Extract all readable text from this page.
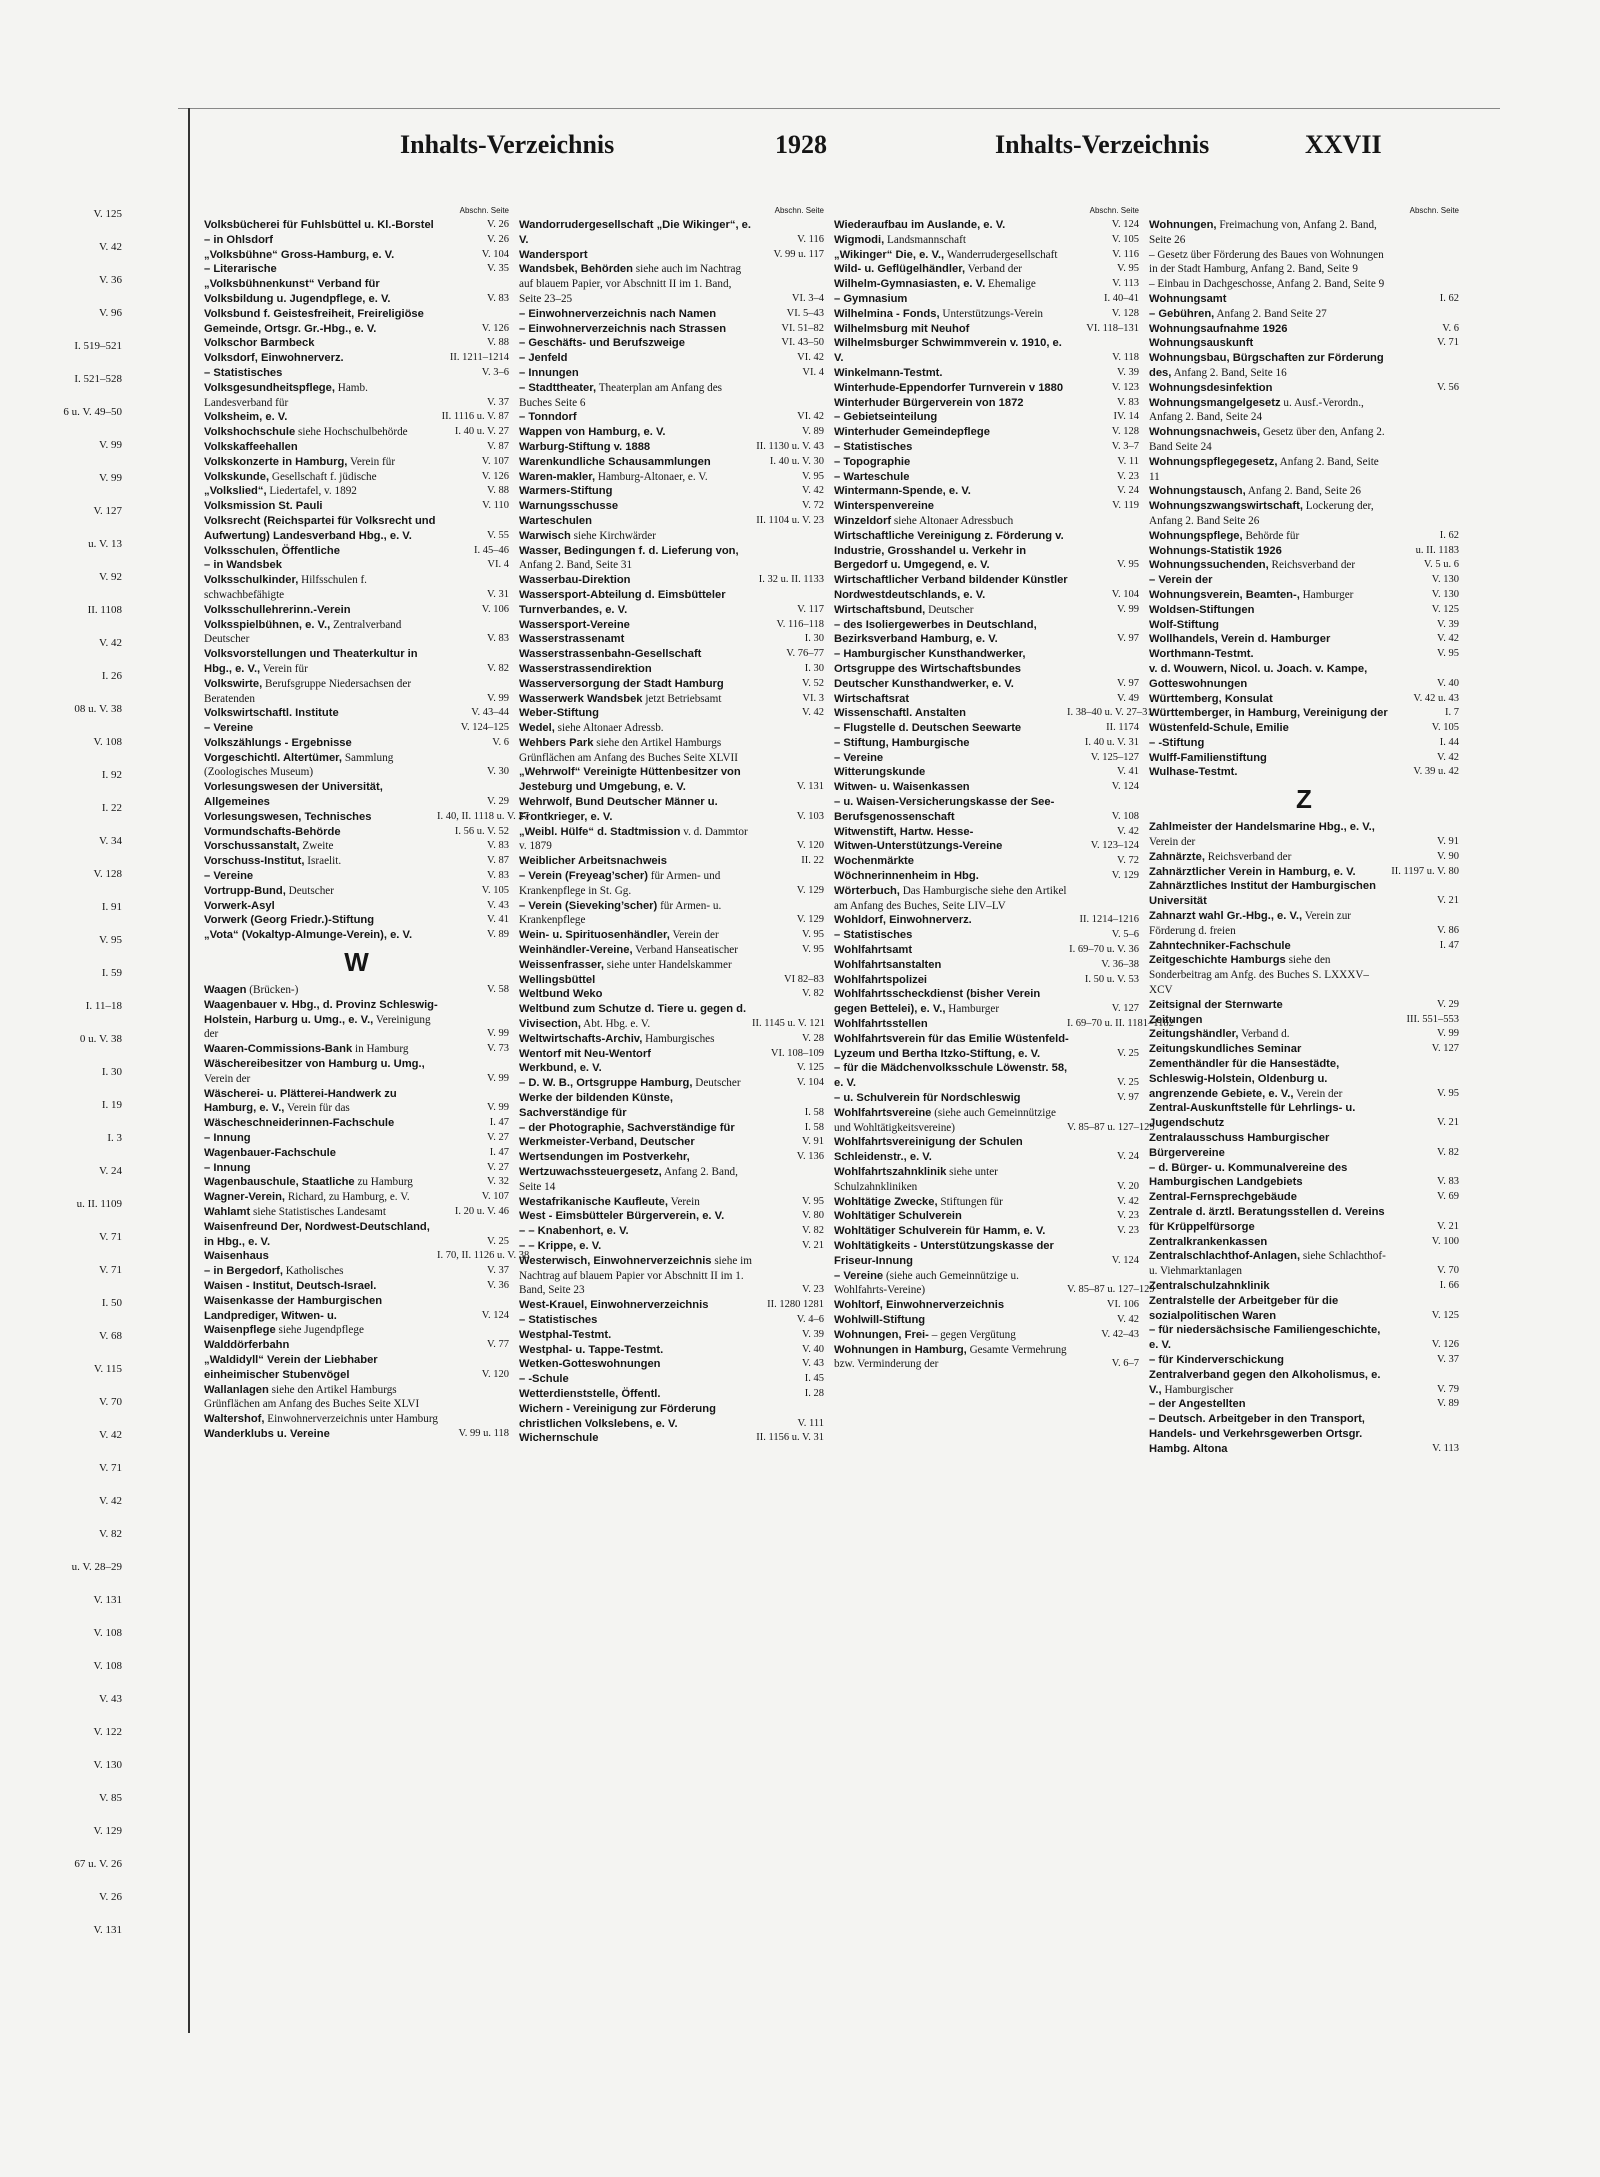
V. 125
V. 42
V. 36
V. 96
I. 519–521
I. 521–528
6 u. V. 49–50
V. 99
V. 99
V. 127
u. V. 13
V. 92
II. 1108
V. 42
I. 26
08 u. V. 38
V. 108
I. 92
I. 22
V. 34
V. 128
I. 91
V. 95
I. 59
I. 11–18
0 u. V. 38
I. 30
I. 19
I. 3
V. 24
u. II. 1109
V. 71
V. 71
I. 50
V. 68
V. 115
V. 70
V. 42
V. 71
V. 42
V. 82
u. V. 28–29
V. 131
V. 108
V. 108
V. 43
V. 122
V. 130
V. 85
V. 129
67 u. V. 26
V. 26
V. 131
Inhalts-Verzeichnis	1928	Inhalts-Verzeichnis	XXVII
Abschn. Seite
Volksbücherei für Fuhlsbüttel u. Kl.-Borstel	V. 26
– in Ohlsdorf	V. 26
„Volksbühne“ Gross-Hamburg, e. V.	V. 104
– Literarische	V. 35
„Volksbühnenkunst“ Verband für Volksbildung u. Jugendpflege, e. V.	V. 83
Volksbund f. Geistesfreiheit, Freireligiöse Gemeinde, Ortsgr. Gr.-Hbg., e. V.	V. 126
Volkschor Barmbeck	V. 88
Volksdorf, Einwohnerverz.	II. 1211–1214
– Statistisches	V. 3–6
Volksgesundheitspflege, Hamb. Landesverband für	V. 37
Volksheim, e. V.	II. 1116 u. V. 87
Volkshochschule siehe Hochschulbehörde	I. 40 u. V. 27
Volkskaffeehallen	V. 87
Volkskonzerte in Hamburg, Verein für	V. 107
Volkskunde, Gesellschaft f. jüdische	V. 126
„Volkslied“, Liedertafel, v. 1892	V. 88
Volksmission St. Pauli	V. 110
Volksrecht (Reichspartei für Volksrecht und Aufwertung) Landesverband Hbg., e. V.	V. 55
Volksschulen, Öffentliche	I. 45–46
– in Wandsbek	VI. 4
Volksschulkinder, Hilfsschulen f. schwachbefähigte	V. 31
Volksschullehrerinn.-Verein	V. 106
Volksspielbühnen, e. V., Zentralverband Deutscher	V. 83
Volksvorstellungen und Theaterkultur in Hbg., e. V., Verein für	V. 82
Volkswirte, Berufsgruppe Niedersachsen der Beratenden	V. 99
Volkswirtschaftl. Institute	V. 43–44
– Vereine	V. 124–125
Volkszählungs - Ergebnisse	V. 6
Vorgeschichtl. Altertümer, Sammlung (Zoologisches Museum)	V. 30
Vorlesungswesen der Universität, Allgemeines	V. 29
Vorlesungswesen, Technisches	I. 40, II. 1118 u. V. 27
Vormundschafts-Behörde	I. 56 u. V. 52
Vorschussanstalt, Zweite	V. 83
Vorschuss-Institut, Israelit.	V. 87
– Vereine	V. 83
Vortrupp-Bund, Deutscher	V. 105
Vorwerk-Asyl	V. 43
Vorwerk (Georg Friedr.)-Stiftung	V. 41
„Vota“ (Vokaltyp-Almunge-Verein), e. V.	V. 89
W
Waagen (Brücken-)	V. 58
Waagenbauer v. Hbg., d. Provinz Schleswig-Holstein, Harburg u. Umg., e. V., Vereinigung der	V. 99
Waaren-Commissions-Bank in Hamburg	V. 73
Wäschereibesitzer von Hamburg u. Umg., Verein der	V. 99
Wäscherei- u. Plätterei-Handwerk zu Hamburg, e. V., Verein für das	V. 99
Wäscheschneiderinnen-Fachschule	I. 47
– Innung	V. 27
Wagenbauer-Fachschule	I. 47
– Innung	V. 27
Wagenbauschule, Staatliche zu Hamburg	V. 32
Wagner-Verein, Richard, zu Hamburg, e. V.	V. 107
Wahlamt siehe Statistisches Landesamt	I. 20 u. V. 46
Waisenfreund Der, Nordwest-Deutschland, in Hbg., e. V.	V. 25
Waisenhaus	I. 70, II. 1126 u. V. 38
– in Bergedorf, Katholisches	V. 37
Waisen - Institut, Deutsch-Israel.	V. 36
Waisenkasse der Hamburgischen Landprediger, Witwen- u.	V. 124
Waisenpflege siehe Jugendpflege
Walddörferbahn	V. 77
„Waldidyll“ Verein der Liebhaber einheimischer Stubenvögel	V. 120
Wallanlagen siehe den Artikel Hamburgs Grünflächen am Anfang des Buches Seite XLVI
Waltershof, Einwohnerverzeichnis unter Hamburg
Wanderklubs u. Vereine	V. 99 u. 118
Abschn. Seite
Wandorrudergesellschaft „Die Wikinger“, e. V.	V. 116
Wandersport	V. 99 u. 117
Wandsbek, Behörden siehe auch im Nachtrag auf blauem Papier, vor Abschnitt II im 1. Band, Seite 23–25	VI. 3–4
– Einwohnerverzeichnis nach Namen	VI. 5–43
– Einwohnerverzeichnis nach Strassen	VI. 51–82
– Geschäfts- und Berufszweige	VI. 43–50
– Jenfeld	VI. 42
– Innungen	VI. 4
– Stadttheater, Theaterplan am Anfang des Buches Seite 6
– Tonndorf	VI. 42
Wappen von Hamburg, e. V.	V. 89
Warburg-Stiftung v. 1888	II. 1130 u. V. 43
Warenkundliche Schausammlungen	I. 40 u. V. 30
Waren-makler, Hamburg-Altonaer, e. V.	V. 95
Warmers-Stiftung	V. 42
Warnungsschusse	V. 72
Warteschulen	II. 1104 u. V. 23
Warwisch siehe Kirchwärder
Wasser, Bedingungen f. d. Lieferung von, Anfang 2. Band, Seite 31
Wasserbau-Direktion	I. 32 u. II. 1133
Wassersport-Abteilung d. Eimsbütteler Turnverbandes, e. V.	V. 117
Wassersport-Vereine	V. 116–118
Wasserstrassenamt	I. 30
Wasserstrassenbahn-Gesellschaft	V. 76–77
Wasserstrassendirektion	I. 30
Wasserversorgung der Stadt Hamburg	V. 52
Wasserwerk Wandsbek jetzt Betriebsamt	VI. 3
Weber-Stiftung	V. 42
Wedel, siehe Altonaer Adressb.
Wehbers Park siehe den Artikel Hamburgs Grünflächen am Anfang des Buches Seite XLVII
„Wehrwolf“ Vereinigte Hüttenbesitzer von Jesteburg und Umgebung, e. V.	V. 131
Wehrwolf, Bund Deutscher Männer u. Frontkrieger, e. V.	V. 103
„Weibl. Hülfe“ d. Stadtmission v. d. Dammtor v. 1879	V. 120
Weiblicher Arbeitsnachweis	II. 22
– Verein (Freyeag’scher) für Armen- und Krankenpflege in St. Gg.	V. 129
– Verein (Sieveking’scher) für Armen- u. Krankenpflege	V. 129
Wein- u. Spirituosenhändler, Verein der	V. 95
Weinhändler-Vereine, Verband Hanseatischer	V. 95
Weissenfrasser, siehe unter Handelskammer
Wellingsbüttel	VI 82–83
Weltbund Weko	V. 82
Weltbund zum Schutze d. Tiere u. gegen d. Vivisection, Abt. Hbg. e. V.	II. 1145 u. V. 121
Weltwirtschafts-Archiv, Hamburgisches	V. 28
Wentorf mit Neu-Wentorf	VI. 108–109
Werkbund, e. V.	V. 125
– D. W. B., Ortsgruppe Hamburg, Deutscher	V. 104
Werke der bildenden Künste, Sachverständige für	I. 58
– der Photographie, Sachverständige für	I. 58
Werkmeister-Verband, Deutscher	V. 91
Wertsendungen im Postverkehr,	V. 136
Wertzuwachssteuergesetz, Anfang 2. Band, Seite 14
Westafrikanische Kaufleute, Verein	V. 95
West - Eimsbütteler Bürgerverein, e. V.	V. 80
– – Knabenhort, e. V.	V. 82
– – Krippe, e. V.	V. 21
Westerwisch, Einwohnerverzeichnis siehe im Nachtrag auf blauem Papier vor Abschnitt II im 1. Band, Seite 23	V. 23
West-Krauel, Einwohnerverzeichnis	II. 1280 1281
– Statistisches	V. 4–6
Westphal-Testmt.	V. 39
Westphal- u. Tappe-Testmt.	V. 40
Wetken-Gotteswohnungen	V. 43
– -Schule	I. 45
Wetterdienststelle, Öffentl.	I. 28
Wichern - Vereinigung zur Förderung christlichen Volkslebens, e. V.	V. 111
Wichernschule	II. 1156 u. V. 31
Abschn. Seite
Wiederaufbau im Auslande, e. V.	V. 124
Wigmodi, Landsmannschaft	V. 105
„Wikinger“ Die, e. V., Wanderrudergesellschaft	V. 116
Wild- u. Geflügelhändler, Verband der	V. 95
Wilhelm-Gymnasiasten, e. V. Ehemalige	V. 113
– Gymnasium	I. 40–41
Wilhelmina - Fonds, Unterstützungs-Verein	V. 128
Wilhelmsburg mit Neuhof	VI. 118–131
Wilhelmsburger Schwimmverein v. 1910, e. V.	V. 118
Winkelmann-Testmt.	V. 39
Winterhude-Eppendorfer Turnverein v 1880	V. 123
Winterhuder Bürgerverein von 1872	V. 83
– Gebietseinteilung	IV. 14
Winterhuder Gemeindepflege	V. 128
– Statistisches	V. 3–7
– Topographie	V. 11
– Warteschule	V. 23
Wintermann-Spende, e. V.	V. 24
Winterspenvereine	V. 119
Winzeldorf siehe Altonaer Adressbuch
Wirtschaftliche Vereinigung z. Förderung v. Industrie, Grosshandel u. Verkehr in Bergedorf u. Umgegend, e. V.	V. 95
Wirtschaftlicher Verband bildender Künstler Nordwestdeutschlands, e. V.	V. 104
Wirtschaftsbund, Deutscher	V. 99
– des Isoliergewerbes in Deutschland, Bezirksverband Hamburg, e. V.	V. 97
– Hamburgischer Kunsthandwerker, Ortsgruppe des Wirtschaftsbundes Deutscher Kunsthandwerker, e. V.	V. 97
Wirtschaftsrat	V. 49
Wissenschaftl. Anstalten	I. 38–40 u. V. 27–31
– Flugstelle d. Deutschen Seewarte	II. 1174
– Stiftung, Hamburgische	I. 40 u. V. 31
– Vereine	V. 125–127
Witterungskunde	V. 41
Witwen- u. Waisenkassen	V. 124
– u. Waisen-Versicherungskasse der See-Berufsgenossenschaft	V. 108
Witwenstift, Hartw. Hesse-	V. 42
Witwen-Unterstützungs-Vereine	V. 123–124
Wochenmärkte	V. 72
Wöchnerinnenheim in Hbg.	V. 129
Wörterbuch, Das Hamburgische siehe den Artikel am Anfang des Buches, Seite LIV–LV
Wohldorf, Einwohnerverz.	II. 1214–1216
– Statistisches	V. 5–6
Wohlfahrtsamt	I. 69–70 u. V. 36
Wohlfahrtsanstalten	V. 36–38
Wohlfahrtspolizei	I. 50 u. V. 53
Wohlfahrtsscheckdienst (bisher Verein gegen Bettelei), e. V., Hamburger	V. 127
Wohlfahrtsstellen	I. 69–70 u. II. 1181–1182
Wohlfahrtsverein für das Emilie Wüstenfeld-Lyzeum und Bertha Itzko-Stiftung, e. V.	V. 25
– für die Mädchenvolksschule Löwenstr. 58, e. V.	V. 25
– u. Schulverein für Nordschleswig	V. 97
Wohlfahrtsvereine (siehe auch Gemeinnützige und Wohltätigkeitsvereine)	V. 85–87 u. 127–129
Wohlfahrtsvereinigung der Schulen Schleidenstr., e. V.	V. 24
Wohlfahrtszahnklinik siehe unter Schulzahnkliniken	V. 20
Wohltätige Zwecke, Stiftungen für	V. 42
Wohltätiger Schulverein	V. 23
Wohltätiger Schulverein für Hamm, e. V.	V. 23
Wohltätigkeits - Unterstützungskasse der Friseur-Innung	V. 124
– Vereine (siehe auch Gemeinnützige u. Wohlfahrts-Vereine)	V. 85–87 u. 127–129
Wohltorf, Einwohnerverzeichnis	VI. 106
Wohlwill-Stiftung	V. 42
Wohnungen, Frei- – gegen Vergütung	V. 42–43
Wohnungen in Hamburg, Gesamte Vermehrung bzw. Verminderung der	V. 6–7
Abschn. Seite
Wohnungen, Freimachung von, Anfang 2. Band, Seite 26
– Gesetz über Förderung des Baues von Wohnungen in der Stadt Hamburg, Anfang 2. Band, Seite 9
– Einbau in Dachgeschosse, Anfang 2. Band, Seite 9
Wohnungsamt	I. 62
– Gebühren, Anfang 2. Band Seite 27
Wohnungsaufnahme 1926	V. 6
Wohnungsauskunft	V. 71
Wohnungsbau, Bürgschaften zur Förderung des, Anfang 2. Band, Seite 16
Wohnungsdesinfektion	V. 56
Wohnungsmangelgesetz u. Ausf.-Verordn., Anfang 2. Band, Seite 24
Wohnungsnachweis, Gesetz über den, Anfang 2. Band Seite 24
Wohnungspflegegesetz, Anfang 2. Band, Seite 11
Wohnungstausch, Anfang 2. Band, Seite 26
Wohnungszwangswirtschaft, Lockerung der, Anfang 2. Band Seite 26
Wohnungspflege, Behörde für	I. 62
Wohnungs-Statistik 1926	u. II. 1183
Wohnungssuchenden, Reichsverband der	V. 5 u. 6
– Verein der	V. 130
Wohnungsverein, Beamten-, Hamburger	V. 130
Woldsen-Stiftungen	V. 125
Wolf-Stiftung	V. 39
Wollhandels, Verein d. Hamburger	V. 42
Worthmann-Testmt.	V. 95
v. d. Wouwern, Nicol. u. Joach. v. Kampe, Gotteswohnungen	V. 40
Württemberg, Konsulat	V. 42 u. 43
Württemberger, in Hamburg, Vereinigung der	I. 7
Wüstenfeld-Schule, Emilie	V. 105
– -Stiftung	I. 44
Wulff-Familienstiftung	V. 42
Wulhase-Testmt.	V. 39 u. 42
Z
Zahlmeister der Handelsmarine Hbg., e. V., Verein der	V. 91
Zahnärzte, Reichsverband der	V. 90
Zahnärztlicher Verein in Hamburg, e. V.	II. 1197 u. V. 80
Zahnärztliches Institut der Hamburgischen Universität	V. 21
Zahnarzt wahl Gr.-Hbg., e. V., Verein zur Förderung d. freien	V. 86
Zahntechniker-Fachschule	I. 47
Zeitgeschichte Hamburgs siehe den Sonderbeitrag am Anfg. des Buches S. LXXXV–XCV
Zeitsignal der Sternwarte	V. 29
Zeitungen	III. 551–553
Zeitungshändler, Verband d.	V. 99
Zeitungskundliches Seminar	V. 127
Zementhändler für die Hansestädte, Schleswig-Holstein, Oldenburg u. angrenzende Gebiete, e. V., Verein der	V. 95
Zentral-Auskunftstelle für Lehrlings- u. Jugendschutz	V. 21
Zentralausschuss Hamburgischer Bürgervereine	V. 82
– d. Bürger- u. Kommunalvereine des Hamburgischen Landgebiets	V. 83
Zentral-Fernsprechgebäude	V. 69
Zentrale d. ärztl. Beratungsstellen d. Vereins für Krüppelfürsorge	V. 21
Zentralkrankenkassen	V. 100
Zentralschlachthof-Anlagen, siehe Schlachthof- u. Viehmarktanlagen	V. 70
Zentralschulzahnklinik	I. 66
Zentralstelle der Arbeitgeber für die sozialpolitischen Waren	V. 125
– für niedersächsische Familiengeschichte, e. V.	V. 126
– für Kinderverschickung	V. 37
Zentralverband gegen den Alkoholismus, e. V., Hamburgischer	V. 79
– der Angestellten	V. 89
– Deutsch. Arbeitgeber in den Transport, Handels- und Verkehrsgewerben Ortsgr. Hambg. Altona	V. 113
